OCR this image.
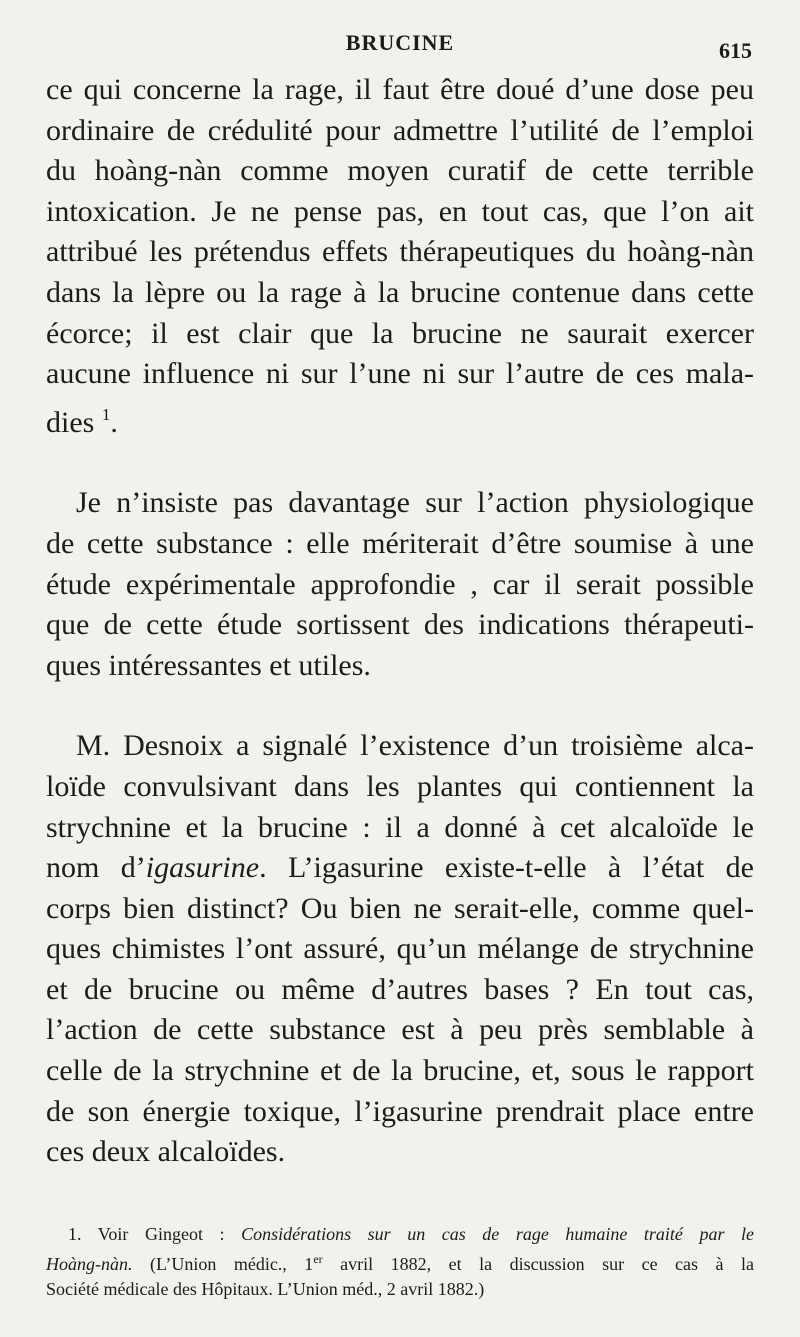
BRUCINE	615
ce qui concerne la rage, il faut être doué d’une dose peu
ordinaire de crédulité pour admettre l’utilité de l’emploi
du hoàng-nàn comme moyen curatif de cette terrible
intoxication. Je ne pense pas, en tout cas, que l’on ait
attribué les prétendus effets thérapeutiques du hoàng-nàn
dans la lèpre ou la rage à la brucine contenue dans cette
écorce; il est clair que la brucine ne saurait exercer
aucune influence ni sur l’une ni sur l’autre de ces mala-
dies $^1$.
Je n’insiste pas davantage sur l’action physiologique
de cette substance : elle mériterait d’être soumise à une
étude expérimentale approfondie , car il serait possible
que de cette étude sortissent des indications thérapeuti-
ques intéressantes et utiles.
M. Desnoix a signalé l’existence d’un troisième alca-
loïde convulsivant dans les plantes qui contiennent la
strychnine et la brucine : il a donné à cet alcaloïde le
nom d’igasurine. L’igasurine existe-t-elle à l’état de
corps bien distinct? Ou bien ne serait-elle, comme quel-
ques chimistes l’ont assuré, qu’un mélange de strychnine
et de brucine ou même d’autres bases ? En tout cas,
l’action de cette substance est à peu près semblable à
celle de la strychnine et de la brucine, et, sous le rapport
de son énergie toxique, l’igasurine prendrait place entre
ces deux alcaloïdes.
1. Voir Gingeot : Considérations sur un cas de rage humaine traité par le
Hoàng-nàn. (L’Union médic., 1er avril 1882, et la discussion sur ce cas à la
Société médicale des Hôpitaux. L’Union méd., 2 avril 1882.)
